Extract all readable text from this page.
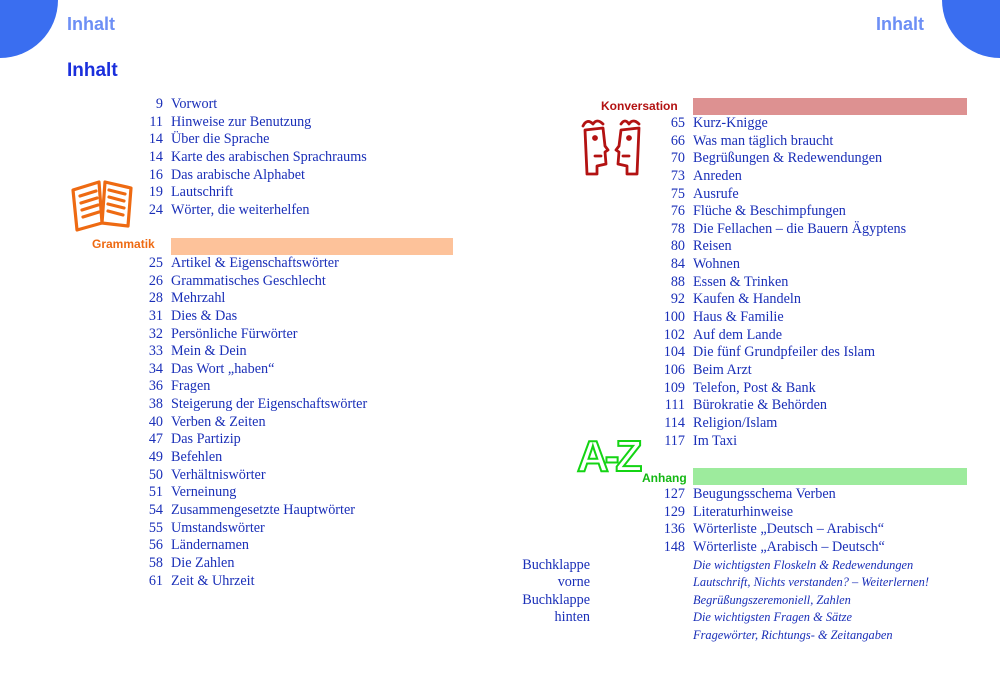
Inhalt	Inhalt
Inhalt
9 Vorwort
11 Hinweise zur Benutzung
14 Über die Sprache
14 Karte des arabischen Sprachraums
16 Das arabische Alphabet
19 Lautschrift
24 Wörter, die weiterhelfen
Grammatik
25 Artikel & Eigenschaftswörter
26 Grammatisches Geschlecht
28 Mehrzahl
31 Dies & Das
32 Persönliche Fürwörter
33 Mein & Dein
34 Das Wort „haben“
36 Fragen
38 Steigerung der Eigenschaftswörter
40 Verben & Zeiten
47 Das Partizip
49 Befehlen
50 Verhältniswörter
51 Verneinung
54 Zusammengesetzte Hauptwörter
55 Umstandswörter
56 Ländernamen
58 Die Zahlen
61 Zeit & Uhrzeit
Konversation
65 Kurz-Knigge
66 Was man täglich braucht
70 Begrüßungen & Redewendungen
73 Anreden
75 Ausrufe
76 Flüche & Beschimpfungen
78 Die Fellachen – die Bauern Ägyptens
80 Reisen
84 Wohnen
88 Essen & Trinken
92 Kaufen & Handeln
100 Haus & Familie
102 Auf dem Lande
104 Die fünf Grundpfeiler des Islam
106 Beim Arzt
109 Telefon, Post & Bank
111 Bürokratie & Behörden
114 Religion/Islam
117 Im Taxi
A-Z Anhang
127 Beugungsschema Verben
129 Literaturhinweise
136 Wörterliste „Deutsch – Arabisch“
148 Wörterliste „Arabisch – Deutsch“
Buchklappe	Die wichtigsten Floskeln & Redewendungen
vorne	Lautschrift, Nichts verstanden? – Weiterlernen!
Buchklappe	Begrüßungszeremoniell, Zahlen
hinten	Die wichtigsten Fragen & Sätze
Fragewörter, Richtungs- & Zeitangaben
